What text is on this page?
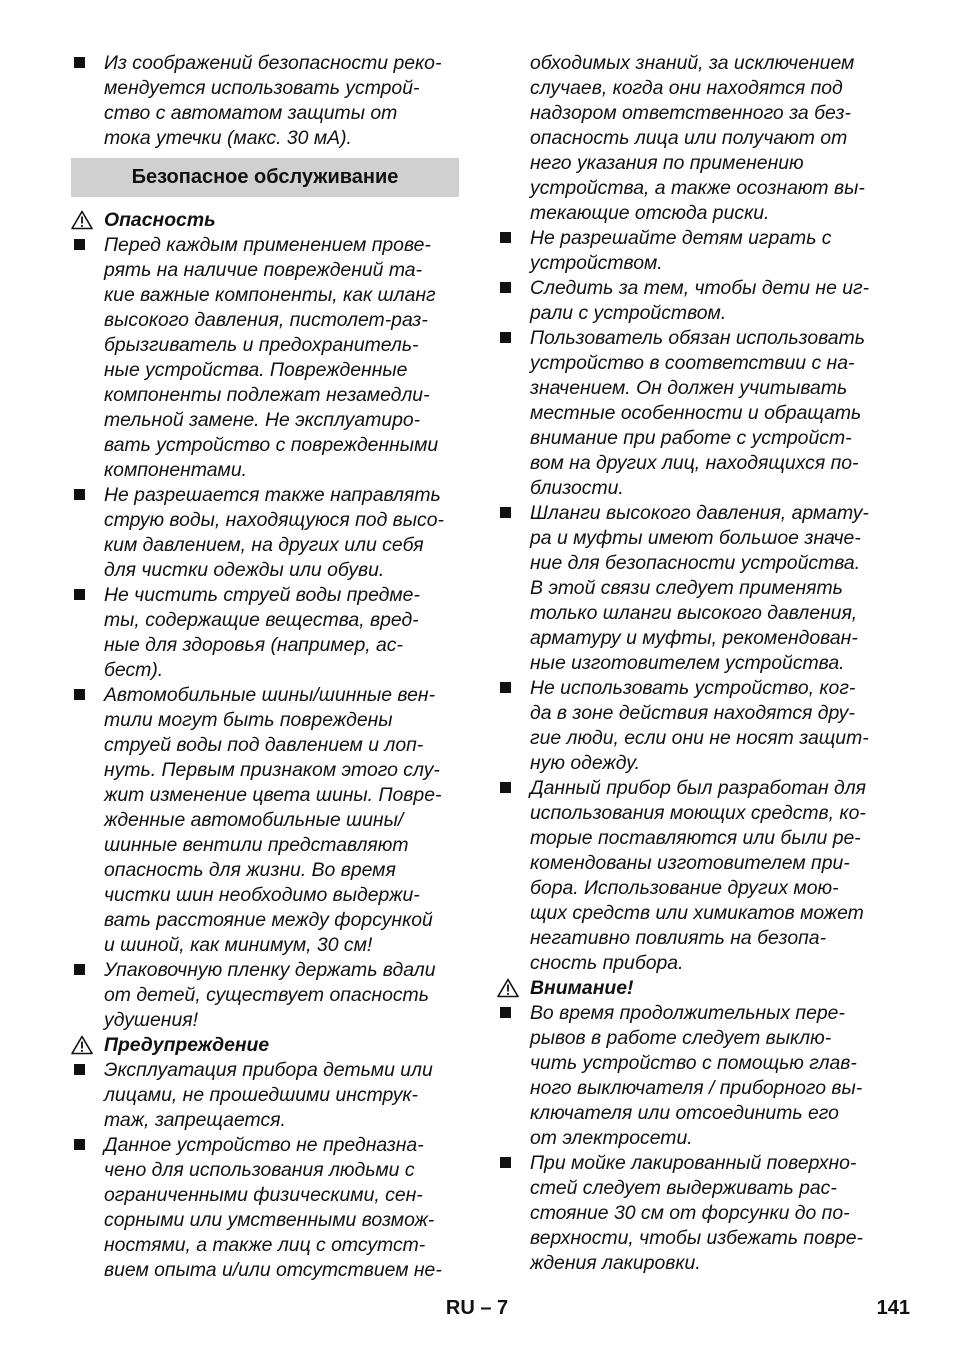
Из соображений безопасности реко-
мендуется использовать устрой-
ство с автоматом защиты от
тока утечки (макс. 30 мА).
Безопасное обслуживание
Опасность
Перед каждым применением прове-
рять на наличие повреждений та-
кие важные компоненты, как шланг
высокого давления, пистолет-раз-
брызгиватель и предохранитель-
ные устройства. Поврежденные
компоненты подлежат незамедли-
тельной замене. Не эксплуатиро-
вать устройство с поврежденными
компонентами.
Не разрешается также направлять
струю воды, находящуюся под высо-
ким давлением, на других или себя
для чистки одежды или обуви.
Не чистить струей воды предме-
ты, содержащие вещества, вред-
ные для здоровья (например, ас-
бест).
Автомобильные шины/шинные вен-
тили могут быть повреждены
струей воды под давлением и лоп-
нуть. Первым признаком этого слу-
жит изменение цвета шины. Повре-
жденные автомобильные шины/
шинные вентили представляют
опасность для жизни. Во время
чистки шин необходимо выдержи-
вать расстояние между форсункой
и шиной, как минимум, 30 см!
Упаковочную пленку держать вдали
от детей, существует опасность
удушения!
Предупреждение
Эксплуатация прибора детьми или
лицами, не прошедшими инструк-
таж, запрещается.
Данное устройство не предназна-
чено для использования людьми с
ограниченными физическими, сен-
сорными или умственными возмож-
ностями, а также лиц с отсутст-
вием опыта и/или отсутствием не-
обходимых знаний, за исключением
случаев, когда они находятся под
надзором ответственного за без-
опасность лица или получают от
него указания по применению
устройства, а также осознают вы-
текающие отсюда риски.
Не разрешайте детям играть с
устройством.
Следить за тем, чтобы дети не иг-
рали с устройством.
Пользователь обязан использовать
устройство в соответствии с на-
значением. Он должен учитывать
местные особенности и обращать
внимание при работе с устройст-
вом на других лиц, находящихся по-
близости.
Шланги высокого давления, армату-
ра и муфты имеют большое значе-
ние для безопасности устройства.
В этой связи следует применять
только шланги высокого давления,
арматуру и муфты, рекомендован-
ные изготовителем устройства.
Не использовать устройство, ког-
да в зоне действия находятся дру-
гие люди, если они не носят защит-
ную одежду.
Данный прибор был разработан для
использования моющих средств, ко-
торые поставляются или были ре-
комендованы изготовителем при-
бора. Использование других мою-
щих средств или химикатов может
негативно повлиять на безопа-
сность прибора.
Внимание!
Во время продолжительных пере-
рывов в работе следует выклю-
чить устройство с помощью глав-
ного выключателя / приборного вы-
ключателя или отсоединить его
от электросети.
При мойке лакированный поверхно-
стей следует выдерживать рас-
стояние 30 см от форсунки до по-
верхности, чтобы избежать повре-
ждения лакировки.
RU – 7	141
